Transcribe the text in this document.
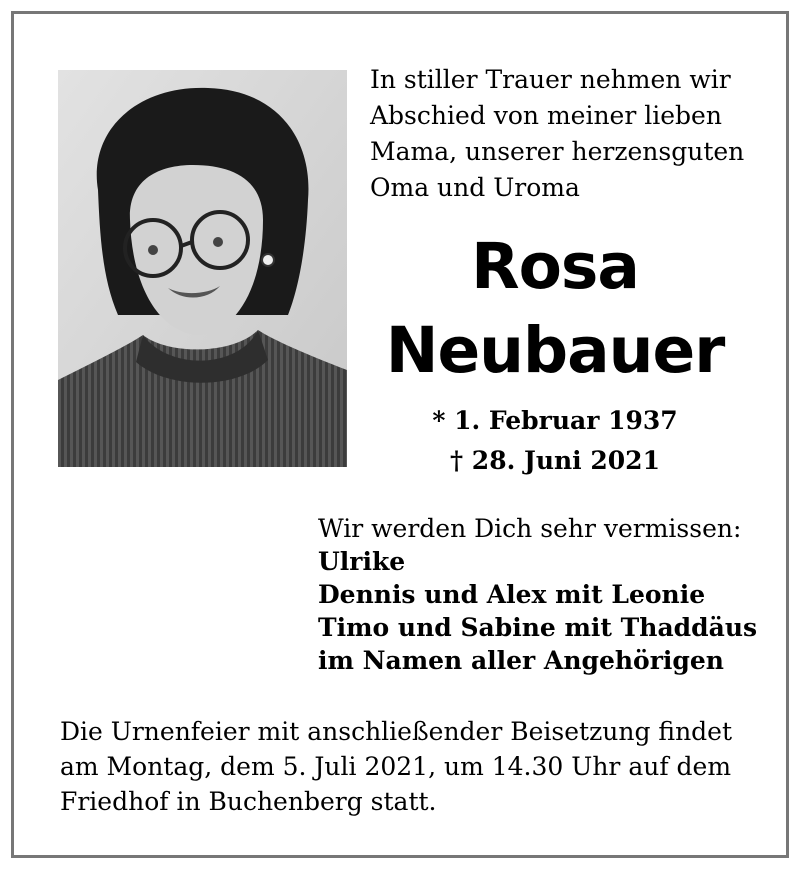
In stiller Trauer nehmen wir
Abschied von meiner lieben
Mama, unserer herzensguten
Oma und Uroma
Rosa
Neubauer
* 1. Februar 1937
† 28. Juni 2021
Wir werden Dich sehr vermissen:
Ulrike
Dennis und Alex mit Leonie
Timo und Sabine mit Thaddäus
im Namen aller Angehörigen
Die Urnenfeier mit anschließender Beisetzung findet
am Montag, dem 5. Juli 2021, um 14.30 Uhr auf dem
Friedhof in Buchenberg statt.
